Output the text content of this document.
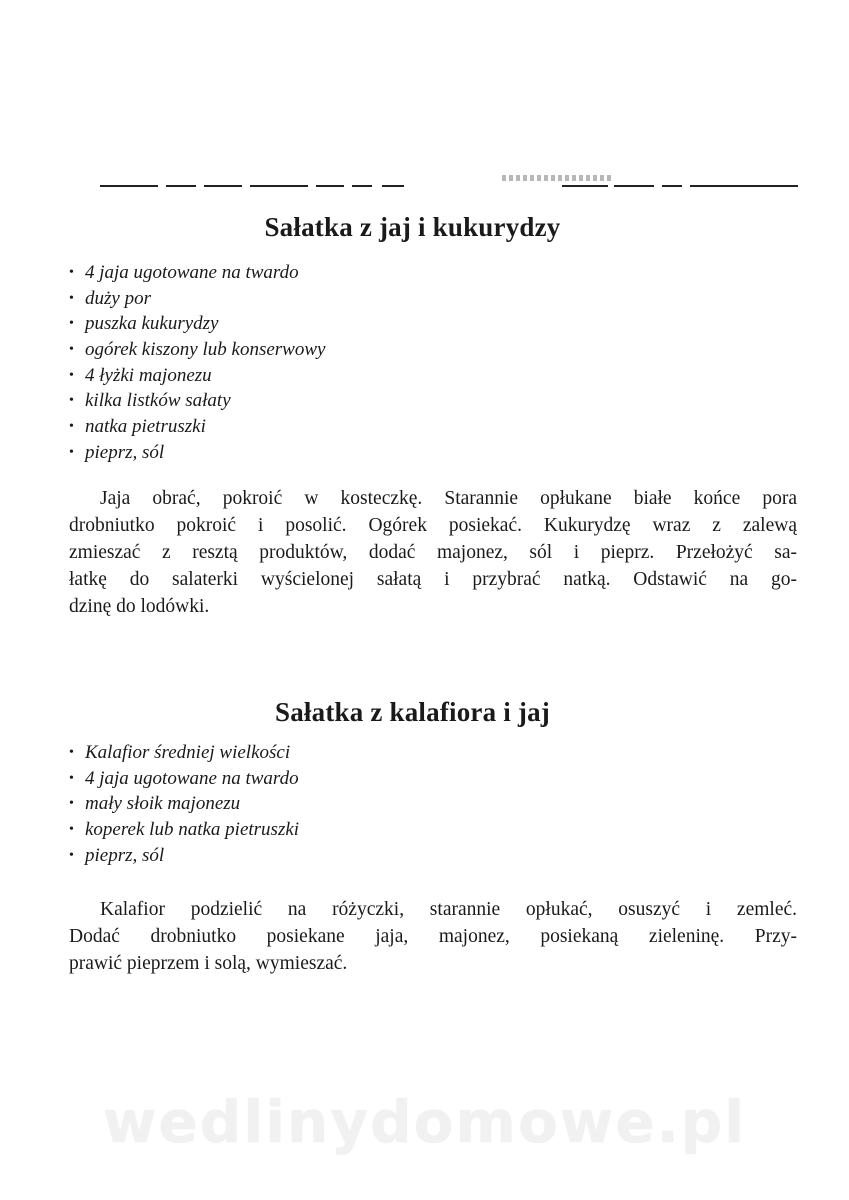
Sałatka z jaj i kukurydzy
• 4 jaja ugotowane na twardo
• duży por
• puszka kukurydzy
• ogórek kiszony lub konserwowy
• 4 łyżki majonezu
• kilka listków sałaty
• natka pietruszki
• pieprz, sól

Jaja obrać, pokroić w kosteczkę. Starannie opłukane białe końce pora
drobniutko pokroić i posolić. Ogórek posiekać. Kukurydzę wraz z zalewą
zmieszać z resztą produktów, dodać majonez, sól i pieprz. Przełożyć sa-
łatkę do salaterki wyścielonej sałatą i przybrać natką. Odstawić na go-
dzinę do lodówki.

Sałatka z kalafiora i jaj
• Kalafior średniej wielkości
• 4 jaja ugotowane na twardo
• mały słoik majonezu
• koperek lub natka pietruszki
• pieprz, sól

Kalafior podzielić na różyczki, starannie opłukać, osuszyć i zemleć.
Dodać drobniutko posiekane jaja, majonez, posiekaną zieleninę. Przy-
prawić pieprzem i solą, wymieszać.

wedlinydomowe.pl
